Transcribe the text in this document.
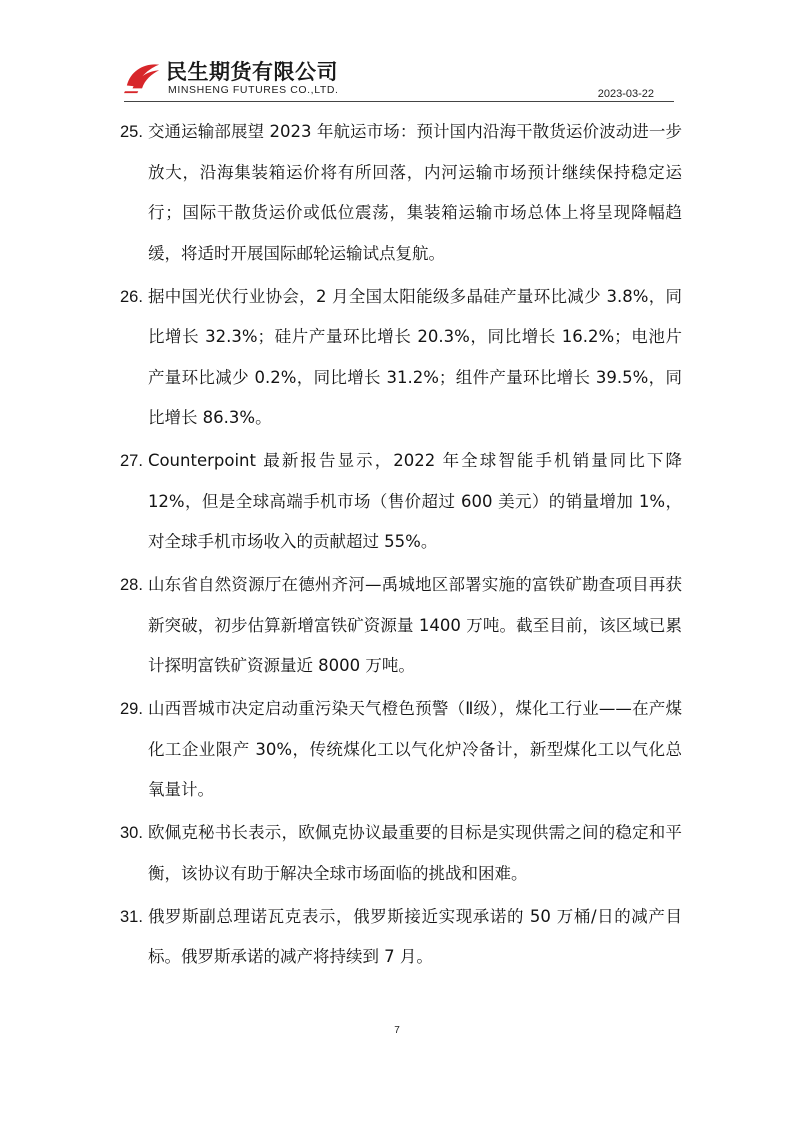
民生期货有限公司
MINSHENG FUTURES CO.,LTD.	2023-03-22
25. 交通运输部展望 2023 年航运市场：预计国内沿海干散货运价波动进一步放大，沿海集装箱运价将有所回落，内河运输市场预计继续保持稳定运行；国际干散货运价或低位震荡，集装箱运输市场总体上将呈现降幅趋缓，将适时开展国际邮轮运输试点复航。
26. 据中国光伏行业协会，2 月全国太阳能级多晶硅产量环比减少 3.8%，同比增长 32.3%；硅片产量环比增长 20.3%，同比增长 16.2%；电池片产量环比减少 0.2%，同比增长 31.2%；组件产量环比增长 39.5%，同比增长 86.3%。
27. Counterpoint 最新报告显示，2022 年全球智能手机销量同比下降 12%，但是全球高端手机市场（售价超过 600 美元）的销量增加 1%，对全球手机市场收入的贡献超过 55%。
28. 山东省自然资源厅在德州齐河—禹城地区部署实施的富铁矿勘查项目再获新突破，初步估算新增富铁矿资源量 1400 万吨。截至目前，该区域已累计探明富铁矿资源量近 8000 万吨。
29. 山西晋城市决定启动重污染天气橙色预警（Ⅱ级），煤化工行业——在产煤化工企业限产 30%，传统煤化工以气化炉冷备计，新型煤化工以气化总氧量计。
30. 欧佩克秘书长表示，欧佩克协议最重要的目标是实现供需之间的稳定和平衡，该协议有助于解决全球市场面临的挑战和困难。
31. 俄罗斯副总理诺瓦克表示，俄罗斯接近实现承诺的 50 万桶/日的减产目标。俄罗斯承诺的减产将持续到 7 月。
7
